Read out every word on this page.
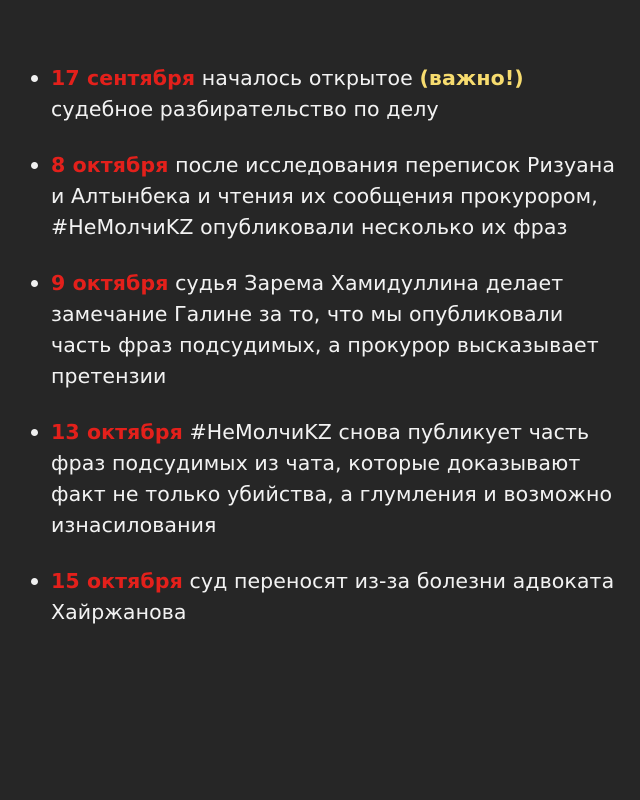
17 сентября началось открытое (важно!) судебное разбирательство по делу

8 октября после исследования переписок Ризуана и Алтынбека и чтения их сообщения прокурором, #НеМолчиKZ опубликовали несколько их фраз

9 октября судья Зарема Хамидуллина делает замечание Галине за то, что мы опубликовали часть фраз подсудимых, а прокурор высказывает претензии

13 октября #НеМолчиKZ снова публикует часть фраз подсудимых из чата, которые доказывают факт не только убийства, а глумления и возможно изнасилования

15 октября суд переносят из-за болезни адвоката Хайржанова
